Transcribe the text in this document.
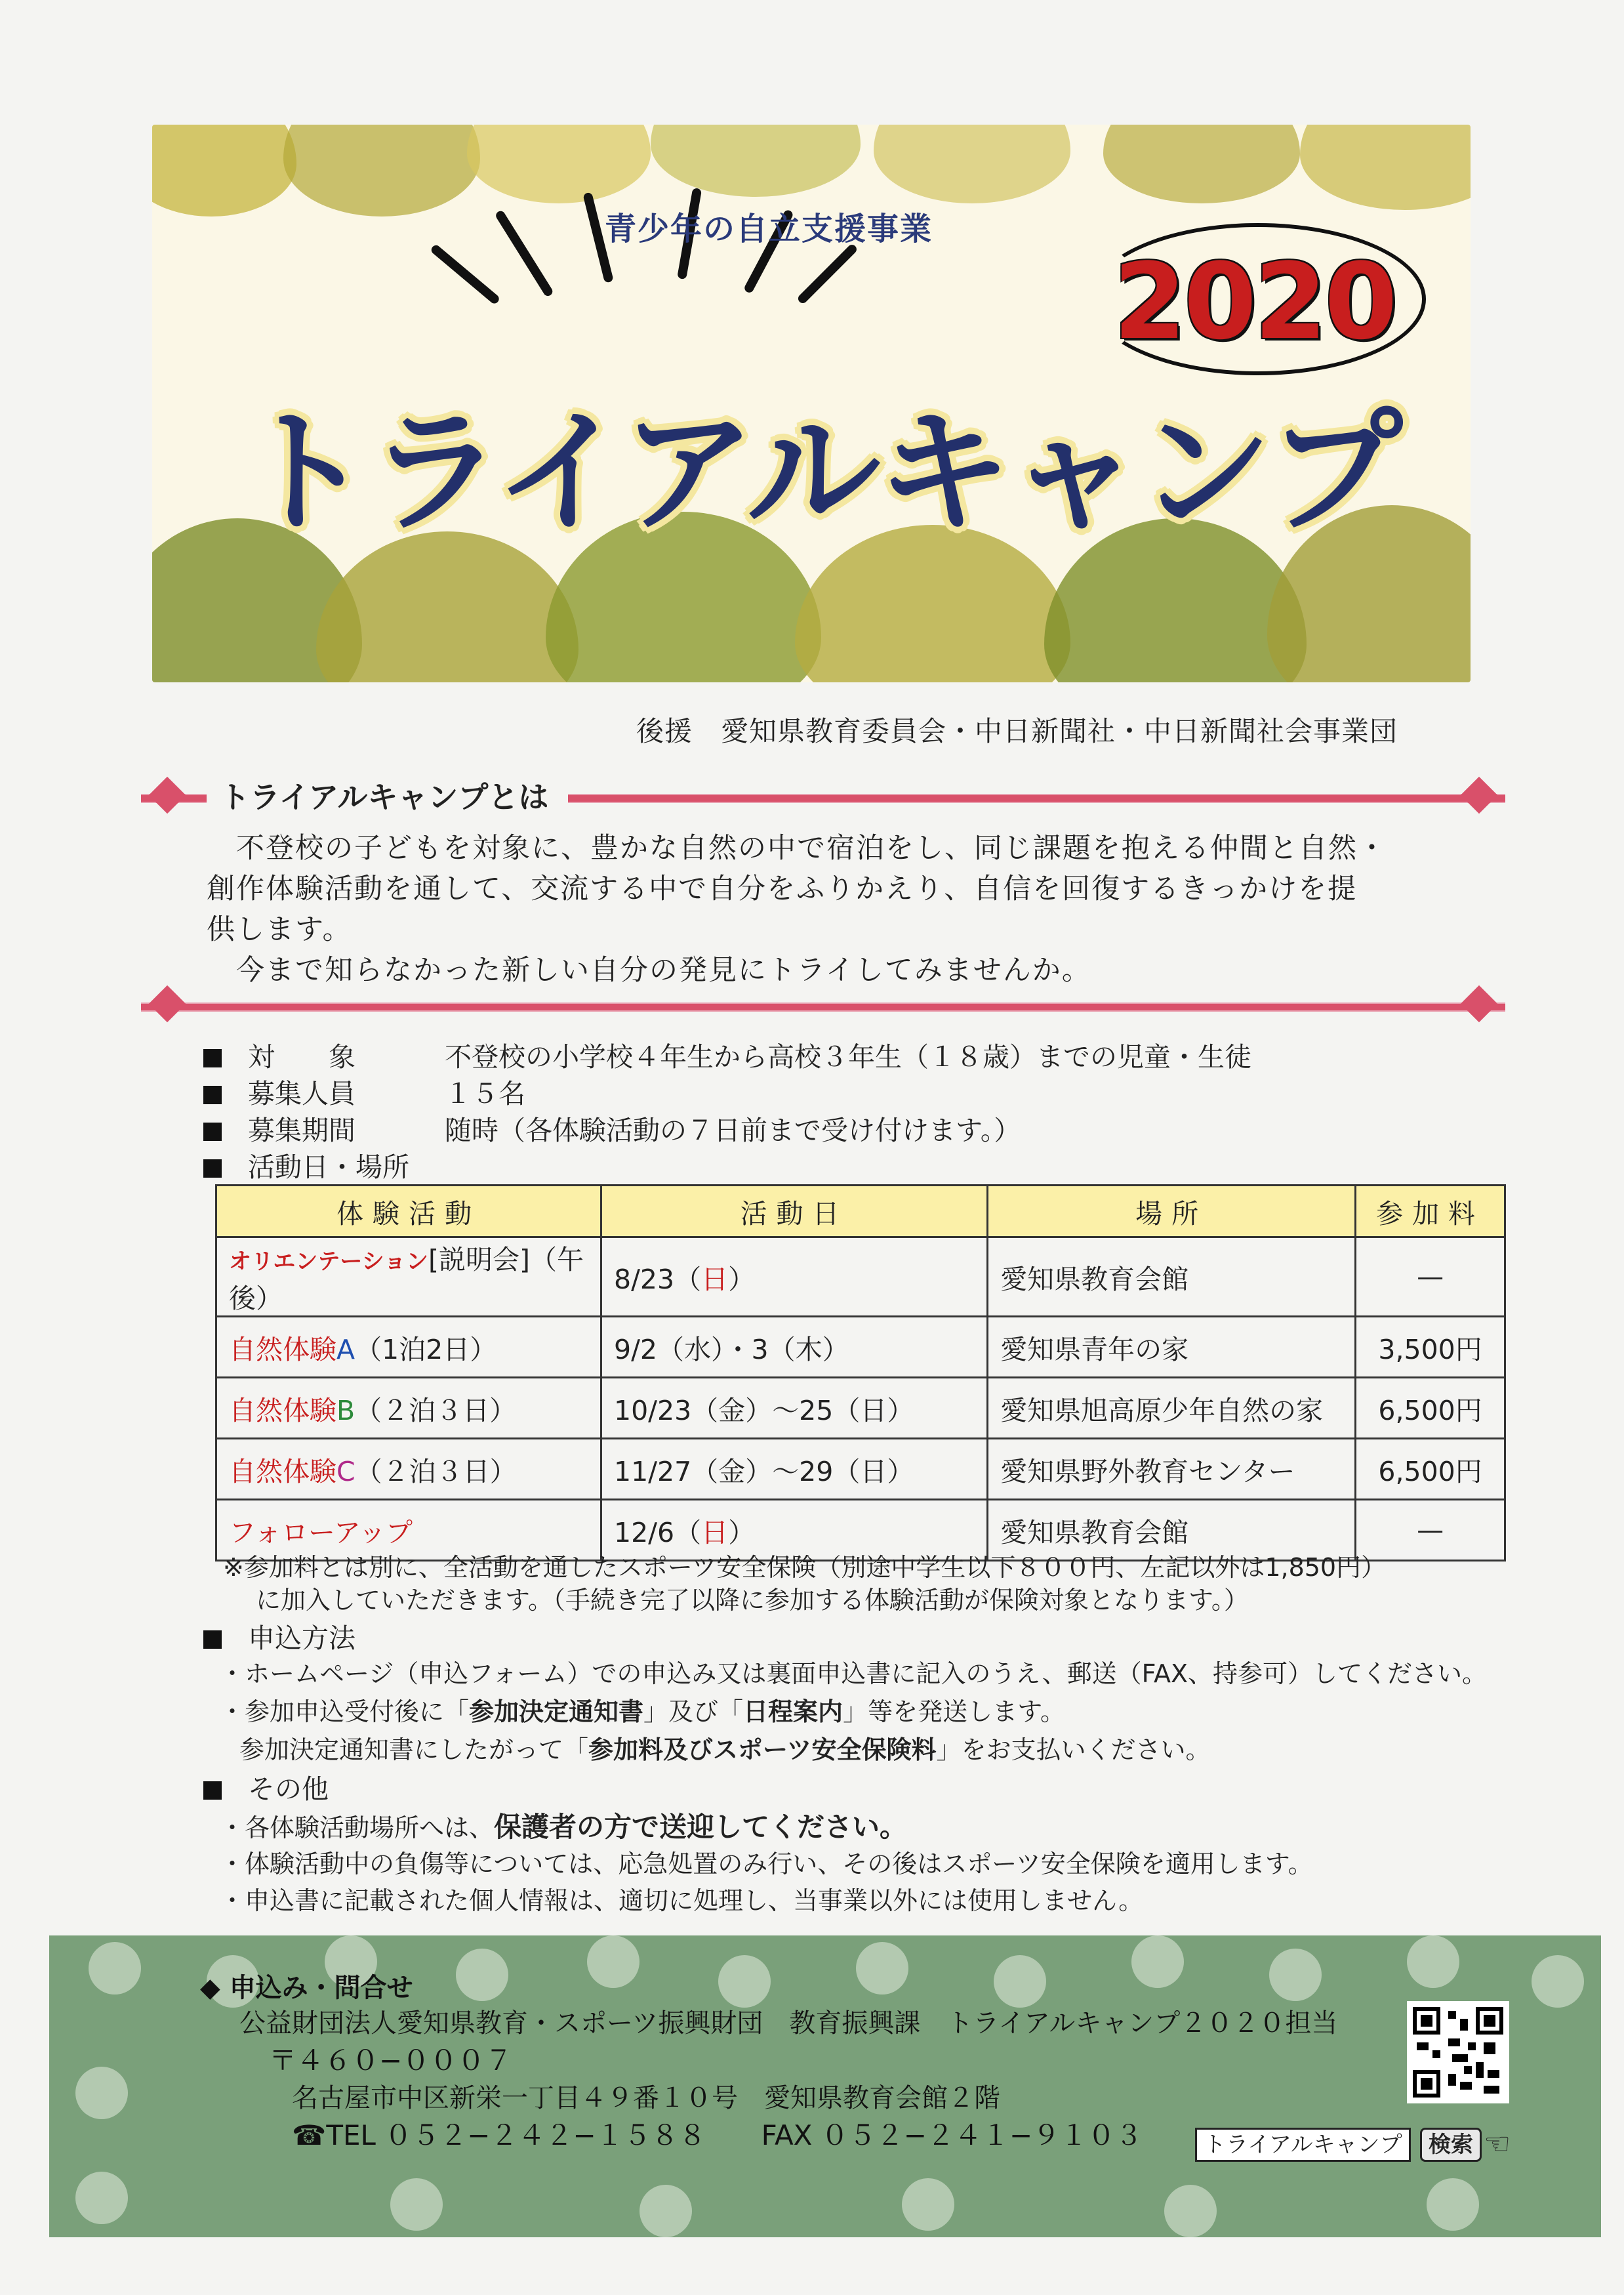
青少年の自立支援事業
2020
トライアルキャンプ
後援　愛知県教育委員会・中日新聞社・中日新聞社会事業団
トライアルキャンプとは
　不登校の子どもを対象に、豊かな自然の中で宿泊をし、同じ課題を抱える仲間と自然・
創作体験活動を通して、交流する中で自分をふりかえり、自信を回復するきっかけを提
供します。
　今まで知らなかった新しい自分の発見にトライしてみませんか。
対　　象	不登校の小学校４年生から高校３年生（１８歳）までの児童・生徒
募集人員	１５名
募集期間	随時（各体験活動の７日前まで受け付けます。）
活動日・場所
体験活動	活動日	場所	参加料
オリエンテーション[説明会]（午後）	8/23（日）	愛知県教育会館	—
自然体験A（1泊2日）	9/2（水）・3（木）	愛知県青年の家	3,500円
自然体験B（２泊３日）	10/23（金）～25（日）	愛知県旭高原少年自然の家	6,500円
自然体験C（２泊３日）	11/27（金）～29（日）	愛知県野外教育センター	6,500円
フォローアップ	12/6（日）	愛知県教育会館	—
※参加料とは別に、全活動を通したスポーツ安全保険（別途中学生以下８００円、左記以外は1,850円）
に加入していただきます。（手続き完了以降に参加する体験活動が保険対象となります。）
申込方法
・ホームページ（申込フォーム）での申込み又は裏面申込書に記入のうえ、郵送（FAX、持参可）してください。
・参加申込受付後に「参加決定通知書」及び「日程案内」等を発送します。
参加決定通知書にしたがって「参加料及びスポーツ安全保険料」をお支払いください。
その他
・各体験活動場所へは、保護者の方で送迎してください。
・体験活動中の負傷等については、応急処置のみ行い、その後はスポーツ安全保険を適用します。
・申込書に記載された個人情報は、適切に処理し、当事業以外には使用しません。
◆ 申込み・問合せ
公益財団法人愛知県教育・スポーツ振興財団　教育振興課　トライアルキャンプ２０２０担当
〒４６０−０００７
名古屋市中区新栄一丁目４９番１０号　愛知県教育会館２階
☎TEL ０５２−２４２−１５８８　　FAX ０５２−２４１−９１０３	トライアルキャンプ	検索 ☜
